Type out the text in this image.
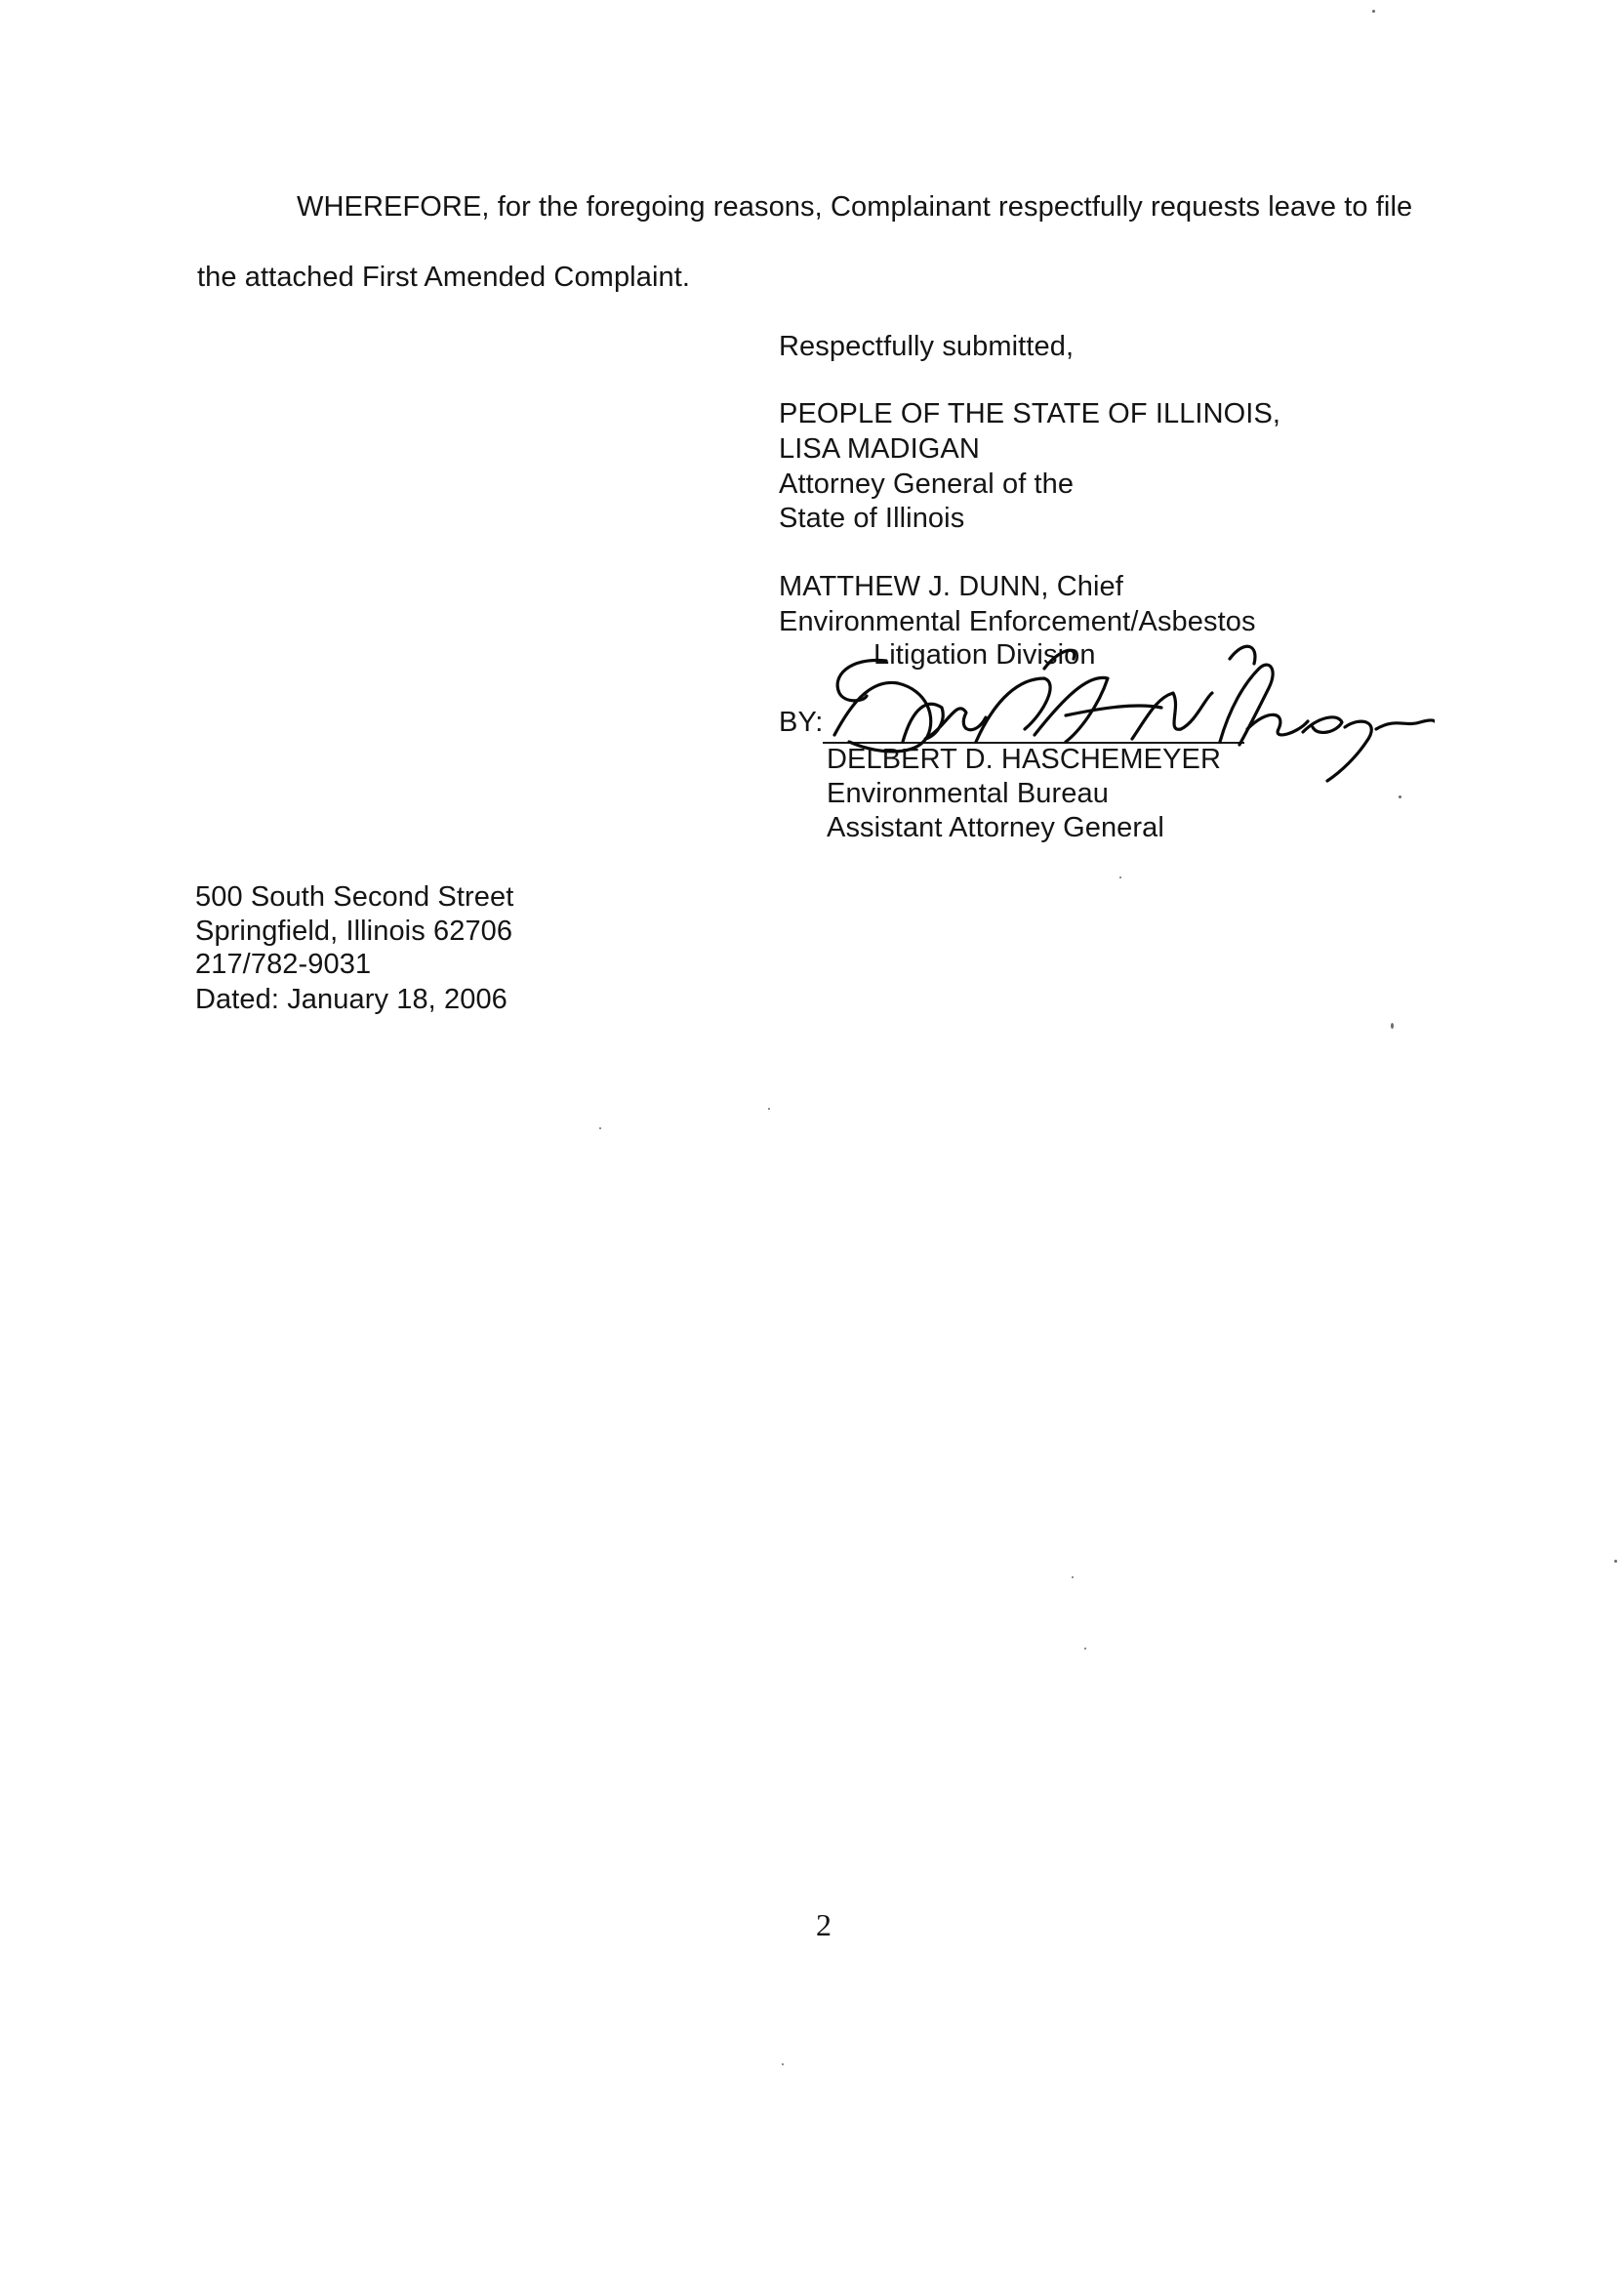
WHEREFORE, for the foregoing reasons, Complainant respectfully requests leave to file
the attached First Amended Complaint.
Respectfully submitted,
PEOPLE OF THE STATE OF ILLINOIS,
LISA MADIGAN
Attorney General of the
State of Illinois
MATTHEW J. DUNN, Chief
Environmental Enforcement/Asbestos
Litigation Division
BY:
DELBERT D. HASCHEMEYER
Environmental Bureau
Assistant Attorney General
500 South Second Street
Springfield, Illinois 62706
217/782-9031
Dated: January 18, 2006
2
